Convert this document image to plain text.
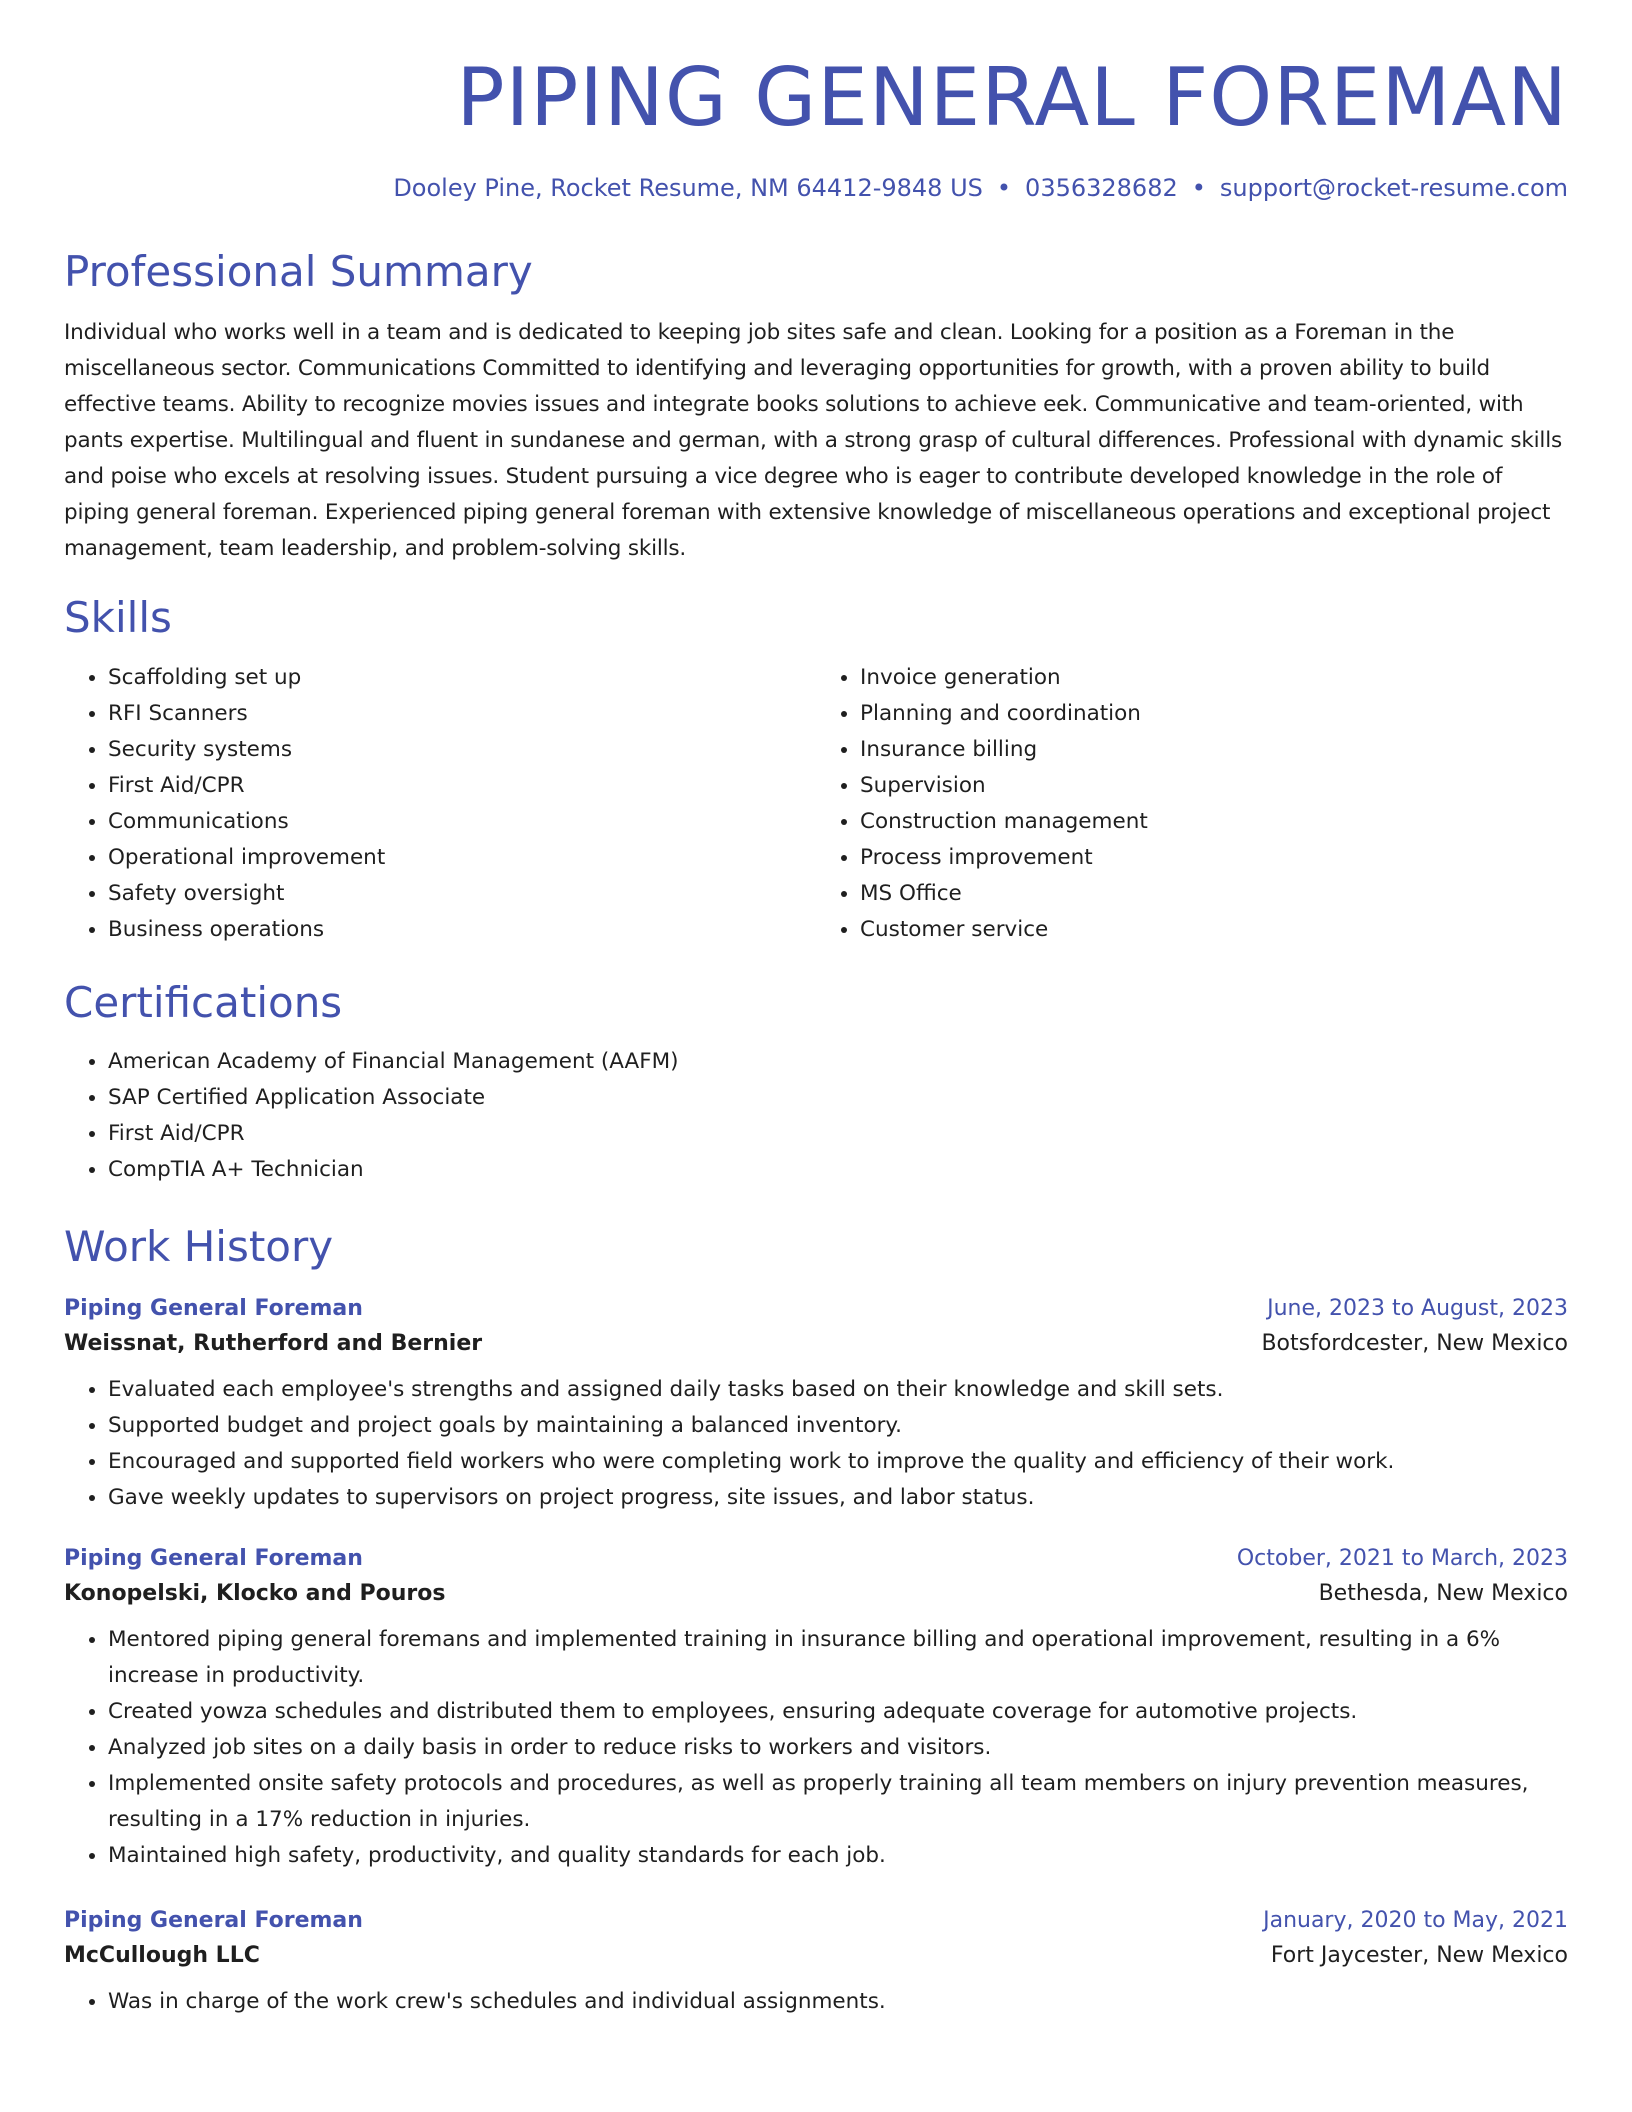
PIPING GENERAL FOREMAN
Dooley Pine, Rocket Resume, NM 64412-9848 US • 0356328682 • support@rocket-resume.com
Professional Summary
Individual who works well in a team and is dedicated to keeping job sites safe and clean. Looking for a position as a Foreman in the miscellaneous sector. Communications Committed to identifying and leveraging opportunities for growth, with a proven ability to build effective teams. Ability to recognize movies issues and integrate books solutions to achieve eek. Communicative and team-oriented, with pants expertise. Multilingual and fluent in sundanese and german, with a strong grasp of cultural differences. Professional with dynamic skills and poise who excels at resolving issues. Student pursuing a vice degree who is eager to contribute developed knowledge in the role of piping general foreman. Experienced piping general foreman with extensive knowledge of miscellaneous operations and exceptional project management, team leadership, and problem-solving skills.
Skills
• Scaffolding set up
• RFI Scanners
• Security systems
• First Aid/CPR
• Communications
• Operational improvement
• Safety oversight
• Business operations
• Invoice generation
• Planning and coordination
• Insurance billing
• Supervision
• Construction management
• Process improvement
• MS Office
• Customer service
Certifications
• American Academy of Financial Management (AAFM)
• SAP Certified Application Associate
• First Aid/CPR
• CompTIA A+ Technician
Work History
Piping General Foreman	June, 2023 to August, 2023
Weissnat, Rutherford and Bernier	Botsfordcester, New Mexico
• Evaluated each employee's strengths and assigned daily tasks based on their knowledge and skill sets.
• Supported budget and project goals by maintaining a balanced inventory.
• Encouraged and supported field workers who were completing work to improve the quality and efficiency of their work.
• Gave weekly updates to supervisors on project progress, site issues, and labor status.
Piping General Foreman	October, 2021 to March, 2023
Konopelski, Klocko and Pouros	Bethesda, New Mexico
• Mentored piping general foremans and implemented training in insurance billing and operational improvement, resulting in a 6% increase in productivity.
• Created yowza schedules and distributed them to employees, ensuring adequate coverage for automotive projects.
• Analyzed job sites on a daily basis in order to reduce risks to workers and visitors.
• Implemented onsite safety protocols and procedures, as well as properly training all team members on injury prevention measures, resulting in a 17% reduction in injuries.
• Maintained high safety, productivity, and quality standards for each job.
Piping General Foreman	January, 2020 to May, 2021
McCullough LLC	Fort Jaycester, New Mexico
• Was in charge of the work crew's schedules and individual assignments.
